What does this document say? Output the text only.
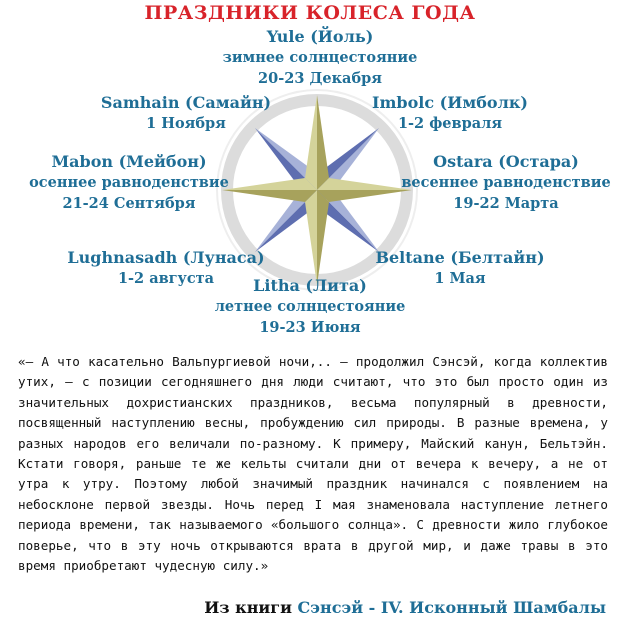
ПРАЗДНИКИ КОЛЕСА ГОДА
Yule (Йоль)
зимнее солнцестояние
20-23 Декабря
Samhain (Самайн)
1 Ноября
Imbolc (Имболк)
1-2 февраля
Mabon (Мейбон)
осеннее равноденствие
21-24 Сентября
Ostara (Остара)
весеннее равноденствие
19-22 Марта
Lughnasadh (Лунаса)
1-2 августа
Beltane (Белтайн)
1 Мая
Litha (Лита)
летнее солнцестояние
19-23 Июня
«— А что касательно Вальпургиевой ночи,.. — продолжил Сэнсэй, когда коллектив утих, — с позиции сегодняшнего дня люди считают, что это был просто один из значительных дохристианских праздников, весьма популярный в древности, посвященный наступлению весны, пробуждению сил природы. В разные времена, у разных народов его величали по-разному. К примеру, Майский канун, Бельтэйн. Кстати говоря, раньше те же кельты считали дни от вечера к вечеру, а не от утра к утру. Поэтому любой значимый праздник начинался с появлением на небосклоне первой звезды. Ночь перед I мая знаменовала наступление летнего периода времени, так называемого «большого солнца». С древности жило глубокое поверье, что в эту ночь открываются врата в другой мир, и даже травы в это время приобретают чудесную силу.»
Из книги Сэнсэй - IV. Исконный Шамбалы
